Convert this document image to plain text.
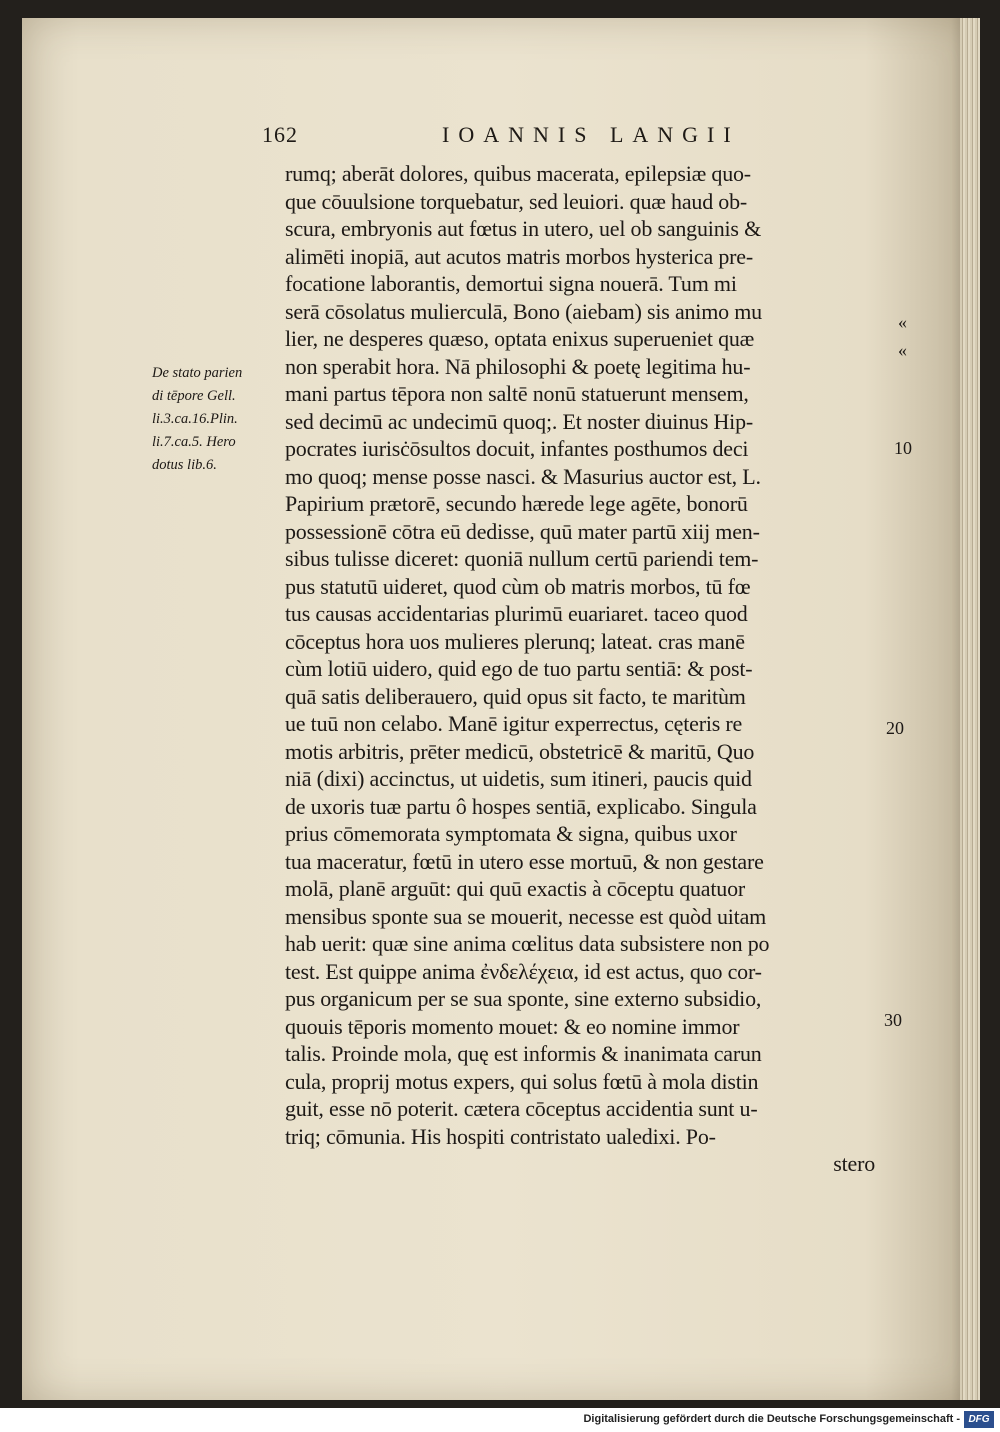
162	IOANNIS LANGII
De stato parien
di tēpore Gell.
li.3.ca.16.Plin.
li.7.ca.5. Hero
dotus lib.6.
«
«
10
20
30
rumq; aberāt dolores, quibus macerata, epilepsiæ quo-
que cōuulsione torquebatur, sed leuiori. quæ haud ob-
scura, embryonis aut fœtus in utero, uel ob sanguinis &
alimēti inopiā, aut acutos matris morbos hysterica pre-
focatione laborantis, demortui signa nouerā. Tum mi
serā cōsolatus mulierculā, Bono (aiebam) sis animo mu
lier, ne desperes quæso, optata enixus superueniet quæ
non sperabit hora. Nā philosophi & poetę legitima hu-
mani partus tēpora non saltē nonū statuerunt mensem,
sed decimū ac undecimū quoq;. Et noster diuinus Hip-
pocrates iurisċōsultos docuit, infantes posthumos deci
mo quoq; mense posse nasci. & Masurius auctor est, L.
Papirium prætorē, secundo hærede lege agēte, bonorū
possessionē cōtra eū dedisse, quū mater partū xiij men-
sibus tulisse diceret: quoniā nullum certū pariendi tem-
pus statutū uideret, quod cùm ob matris morbos, tū fœ
tus causas accidentarias plurimū euariaret. taceo quod
cōceptus hora uos mulieres plerunq; lateat. cras manē
cùm lotiū uidero, quid ego de tuo partu sentiā: & post-
quā satis deliberauero, quid opus sit facto, te maritùm
ue tuū non celabo. Manē igitur experrectus, cęteris re
motis arbitris, prēter medicū, obstetricē & maritū, Quo
niā (dixi) accinctus, ut uidetis, sum itineri, paucis quid
de uxoris tuæ partu ô hospes sentiā, explicabo. Singula
prius cōmemorata symptomata & signa, quibus uxor
tua maceratur, fœtū in utero esse mortuū, & non gestare
molā, planē arguūt: qui quū exactis à cōceptu quatuor
mensibus sponte sua se mouerit, necesse est quòd uitam
hab uerit: quæ sine anima cœlitus data subsistere non po
test. Est quippe anima ἐνδελέχεια, id est actus, quo cor-
pus organicum per se sua sponte, sine externo subsidio,
quouis tēporis momento mouet: & eo nomine immor
talis. Proinde mola, quę est informis & inanimata carun
cula, proprij motus expers, qui solus fœtū à mola distin
guit, esse nō poterit. cætera cōceptus accidentia sunt u-
triq; cōmunia. His hospiti contristato ualedixi. Po-
stero
Digitalisierung gefördert durch die Deutsche Forschungsgemeinschaft - DFG
